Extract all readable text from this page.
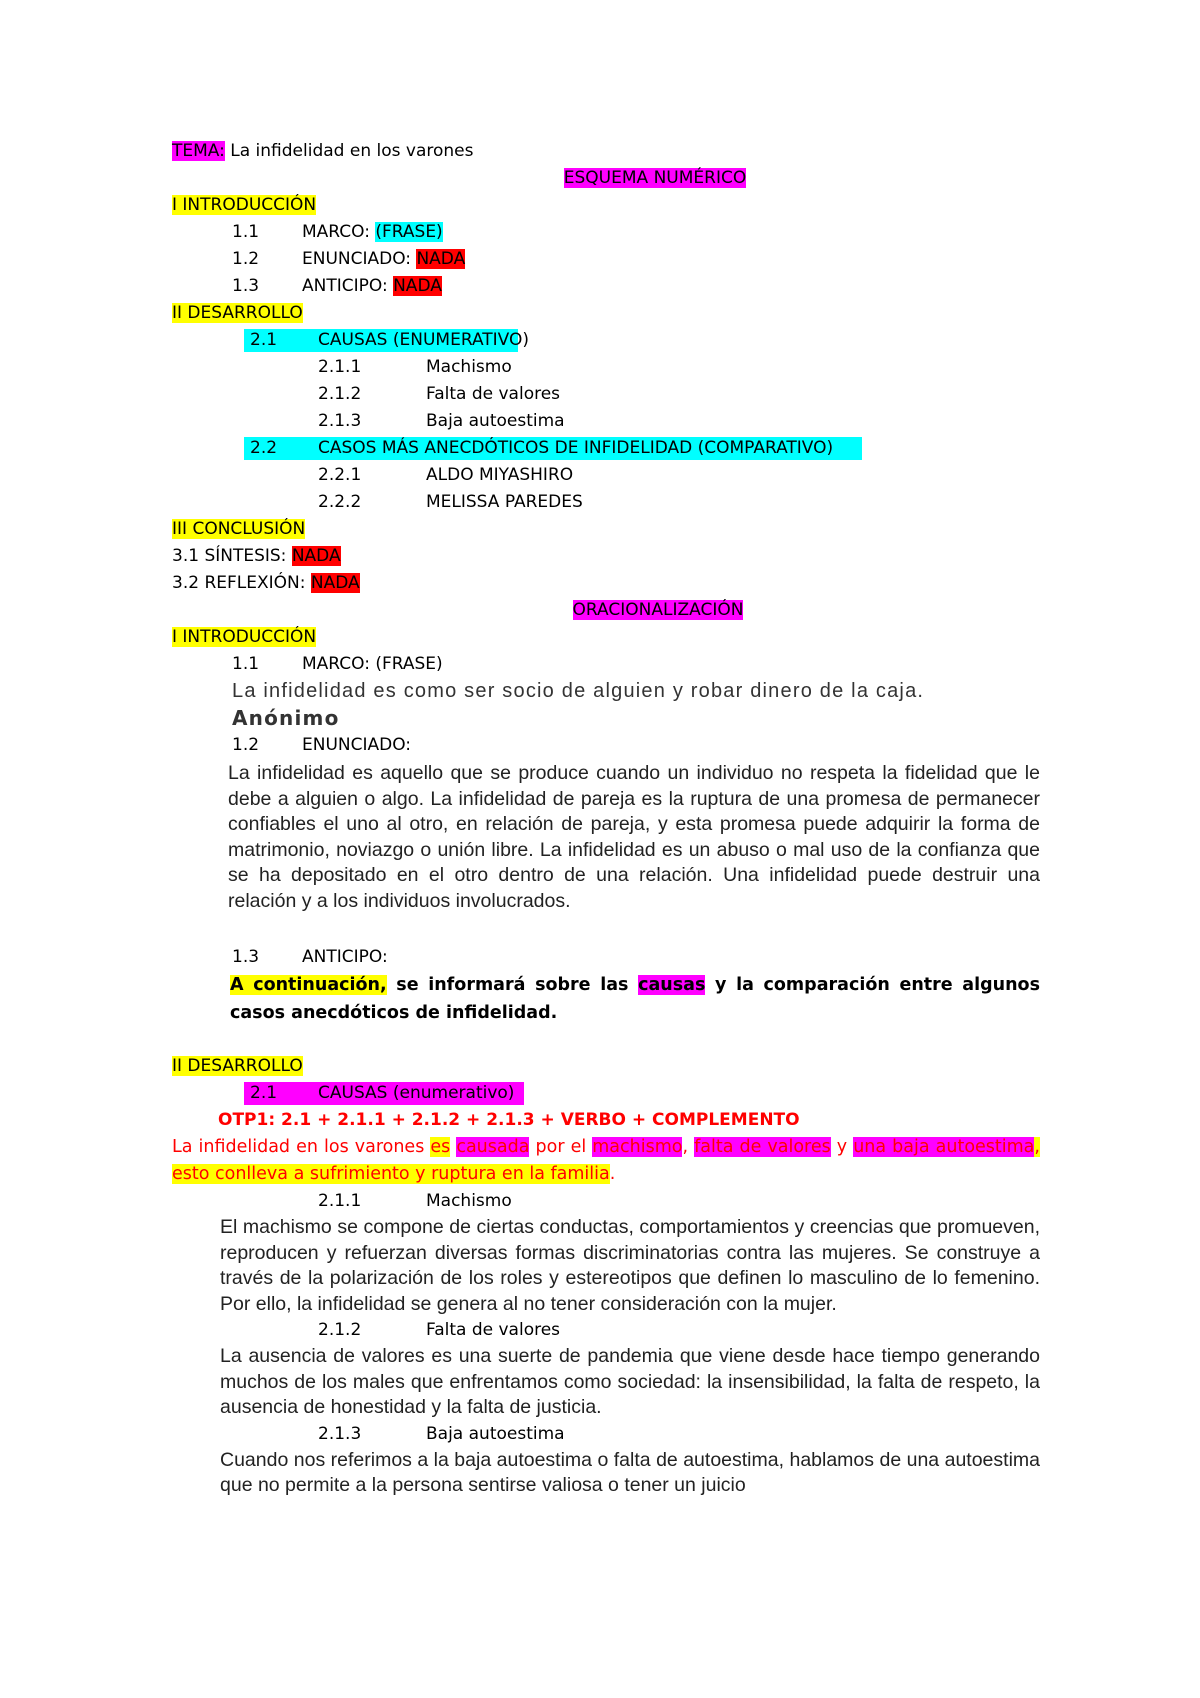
TEMA: La infidelidad en los varones
ESQUEMA NUMÉRICO
I INTRODUCCIÓN
1.1	MARCO: (FRASE)
1.2	ENUNCIADO: NADA
1.3	ANTICIPO: NADA
II DESARROLLO
2.1 CAUSAS (ENUMERATIVO)
2.1.1	Machismo
2.1.2	Falta de valores
2.1.3	Baja autoestima
2.2 CASOS MÁS ANECDÓTICOS DE INFIDELIDAD (COMPARATIVO)
2.2.1	ALDO MIYASHIRO
2.2.2	MELISSA PAREDES
III CONCLUSIÓN
3.1 SÍNTESIS: NADA
3.2 REFLEXIÓN: NADA
ORACIONALIZACIÓN
I INTRODUCCIÓN
1.1	MARCO: (FRASE)
La infidelidad es como ser socio de alguien y robar dinero de la caja.
Anónimo
1.2	ENUNCIADO:
La infidelidad es aquello que se produce cuando un individuo no respeta la fidelidad que le debe a alguien o algo. La infidelidad de pareja es la ruptura de una promesa de permanecer confiables el uno al otro, en relación de pareja, y esta promesa puede adquirir la forma de matrimonio, noviazgo o unión libre. La infidelidad es un abuso o mal uso de la confianza que se ha depositado en el otro dentro de una relación. Una infidelidad puede destruir una relación y a los individuos involucrados.
1.3	ANTICIPO:
A continuación, se informará sobre las causas y la comparación entre algunos casos anecdóticos de infidelidad.
II DESARROLLO
2.1 CAUSAS (enumerativo)
OTP1: 2.1 + 2.1.1 + 2.1.2 + 2.1.3 + VERBO + COMPLEMENTO
La infidelidad en los varones es causada por el machismo, falta de valores y una baja autoestima, esto conlleva a sufrimiento y ruptura en la familia.
2.1.1	Machismo
El machismo se compone de ciertas conductas, comportamientos y creencias que promueven, reproducen y refuerzan diversas formas discriminatorias contra las mujeres. Se construye a través de la polarización de los roles y estereotipos que definen lo masculino de lo femenino. Por ello, la infidelidad se genera al no tener consideración con la mujer.
2.1.2	Falta de valores
La ausencia de valores es una suerte de pandemia que viene desde hace tiempo generando muchos de los males que enfrentamos como sociedad: la insensibilidad, la falta de respeto, la ausencia de honestidad y la falta de justicia.
2.1.3	Baja autoestima
Cuando nos referimos a la baja autoestima o falta de autoestima, hablamos de una autoestima que no permite a la persona sentirse valiosa o tener un juicio
